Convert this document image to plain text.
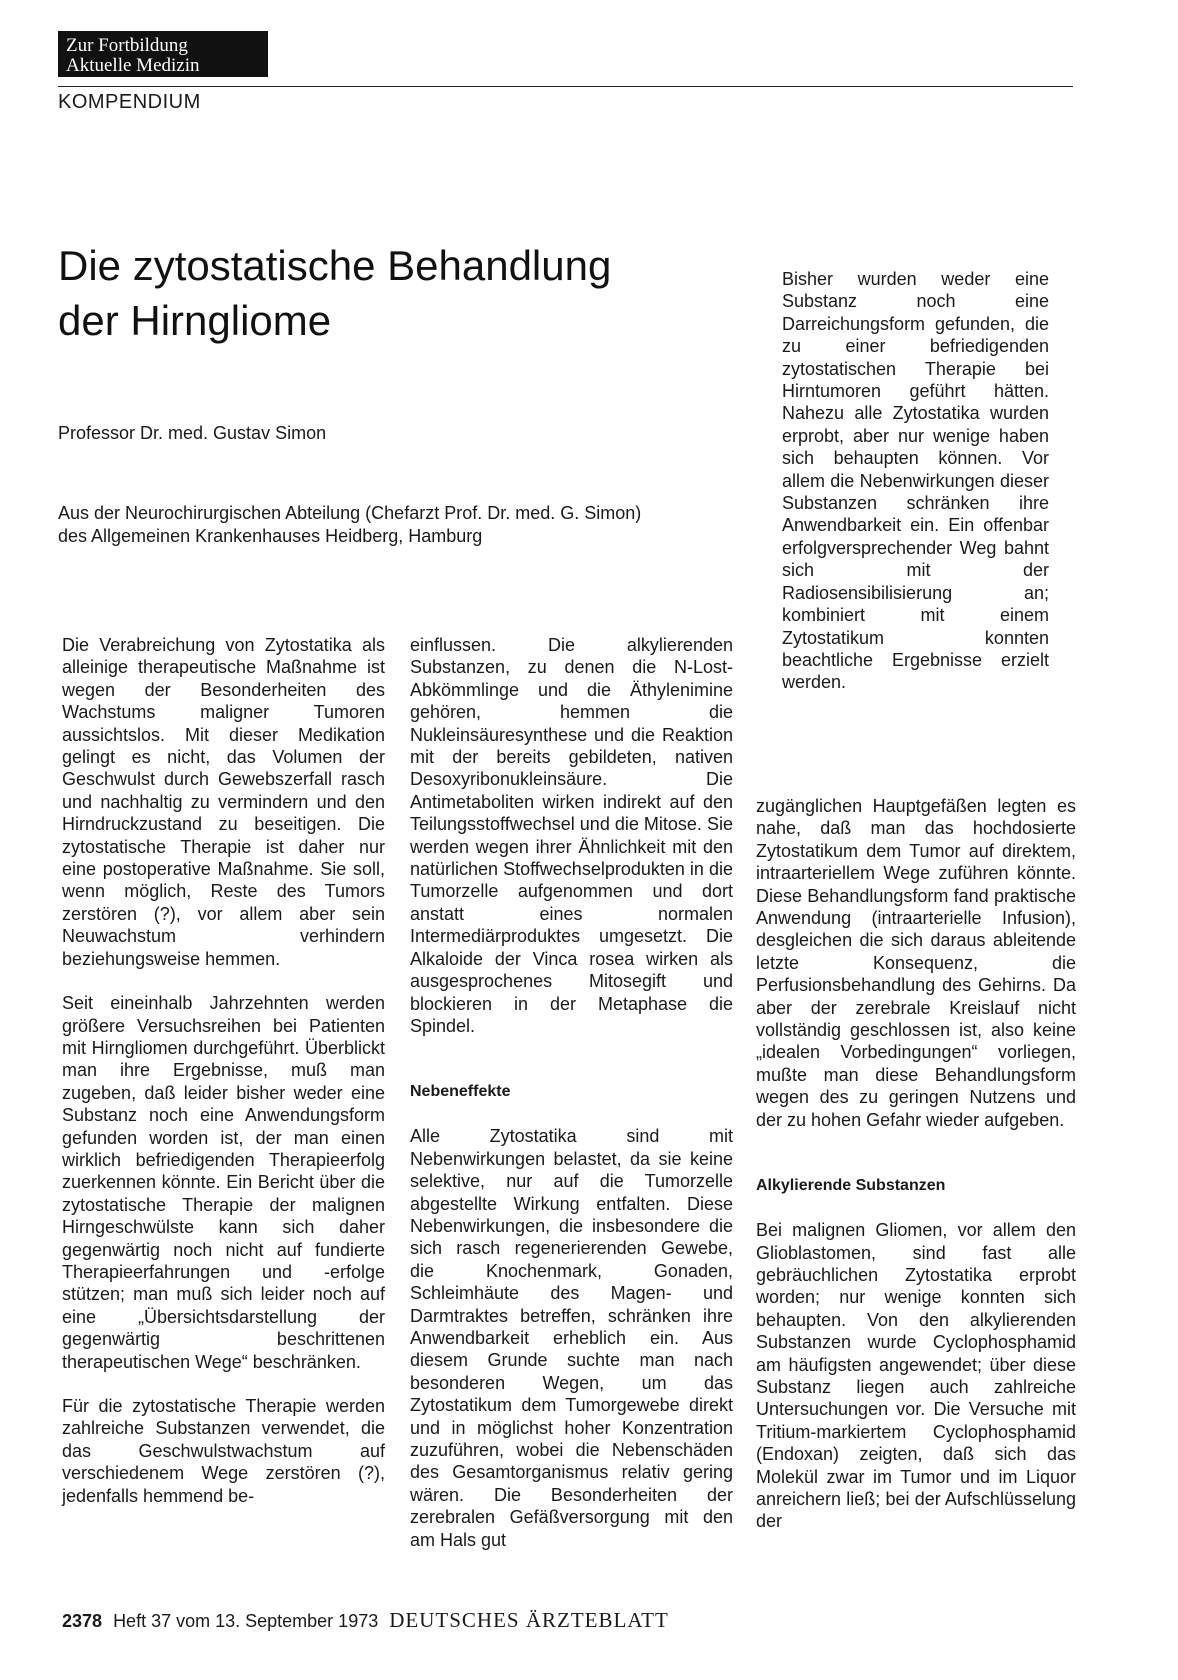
Zur Fortbildung
Aktuelle Medizin
KOMPENDIUM
Die zytostatische Behandlung
der Hirngliome
Professor Dr. med. Gustav Simon
Aus der Neurochirurgischen Abteilung (Chefarzt Prof. Dr. med. G. Simon)
des Allgemeinen Krankenhauses Heidberg, Hamburg

Bisher wurden weder eine Substanz noch eine Darreichungsform gefunden, die zu einer befriedigenden zytostatischen Therapie bei Hirntumoren geführt hätten. Nahezu alle Zytostatika wurden erprobt, aber nur wenige haben sich behaupten können. Vor allem die Nebenwirkungen dieser Substanzen schränken ihre Anwendbarkeit ein. Ein offenbar erfolgversprechender Weg bahnt sich mit der Radiosensibilisierung an; kombiniert mit einem Zytostatikum konnten beachtliche Ergebnisse erzielt werden.

Die Verabreichung von Zytostatika als alleinige therapeutische Maßnahme ist wegen der Besonderheiten des Wachstums maligner Tumoren aussichtslos. Mit dieser Medikation gelingt es nicht, das Volumen der Geschwulst durch Gewebszerfall rasch und nachhaltig zu vermindern und den Hirndruckzustand zu beseitigen. Die zytostatische Therapie ist daher nur eine postoperative Maßnahme. Sie soll, wenn möglich, Reste des Tumors zerstören (?), vor allem aber sein Neuwachstum verhindern beziehungsweise hemmen.

Seit eineinhalb Jahrzehnten werden größere Versuchsreihen bei Patienten mit Hirngliomen durchgeführt. Überblickt man ihre Ergebnisse, muß man zugeben, daß leider bisher weder eine Substanz noch eine Anwendungsform gefunden worden ist, der man einen wirklich befriedigenden Therapieerfolg zuerkennen könnte. Ein Bericht über die zytostatische Therapie der malignen Hirngeschwülste kann sich daher gegenwärtig noch nicht auf fundierte Therapieerfahrungen und -erfolge stützen; man muß sich leider noch auf eine „Übersichtsdarstellung der gegenwärtig beschrittenen therapeutischen Wege“ beschränken.

Für die zytostatische Therapie werden zahlreiche Substanzen verwendet, die das Geschwulstwachstum auf verschiedenem Wege zerstören (?), jedenfalls hemmend be-

einflussen. Die alkylierenden Substanzen, zu denen die N-Lost-Abkömmlinge und die Äthylenimine gehören, hemmen die Nukleinsäuresynthese und die Reaktion mit der bereits gebildeten, nativen Desoxyribonukleinsäure. Die Antimetaboliten wirken indirekt auf den Teilungsstoffwechsel und die Mitose. Sie werden wegen ihrer Ähnlichkeit mit den natürlichen Stoffwechselprodukten in die Tumorzelle aufgenommen und dort anstatt eines normalen Intermediärproduktes umgesetzt. Die Alkaloide der Vinca rosea wirken als ausgesprochenes Mitosegift und blockieren in der Metaphase die Spindel.

Nebeneffekte

Alle Zytostatika sind mit Nebenwirkungen belastet, da sie keine selektive, nur auf die Tumorzelle abgestellte Wirkung entfalten. Diese Nebenwirkungen, die insbesondere die sich rasch regenerierenden Gewebe, die Knochenmark, Gonaden, Schleimhäute des Magen- und Darmtraktes betreffen, schränken ihre Anwendbarkeit erheblich ein. Aus diesem Grunde suchte man nach besonderen Wegen, um das Zytostatikum dem Tumorgewebe direkt und in möglichst hoher Konzentration zuzuführen, wobei die Nebenschäden des Gesamtorganismus relativ gering wären. Die Besonderheiten der zerebralen Gefäßversorgung mit den am Hals gut

zugänglichen Hauptgefäßen legten es nahe, daß man das hochdosierte Zytostatikum dem Tumor auf direktem, intraarteriellem Wege zuführen könnte. Diese Behandlungsform fand praktische Anwendung (intraarterielle Infusion), desgleichen die sich daraus ableitende letzte Konsequenz, die Perfusionsbehandlung des Gehirns. Da aber der zerebrale Kreislauf nicht vollständig geschlossen ist, also keine „idealen Vorbedingungen“ vorliegen, mußte man diese Behandlungsform wegen des zu geringen Nutzens und der zu hohen Gefahr wieder aufgeben.

Alkylierende Substanzen

Bei malignen Gliomen, vor allem den Glioblastomen, sind fast alle gebräuchlichen Zytostatika erprobt worden; nur wenige konnten sich behaupten. Von den alkylierenden Substanzen wurde Cyclophosphamid am häufigsten angewendet; über diese Substanz liegen auch zahlreiche Untersuchungen vor. Die Versuche mit Tritium-markiertem Cyclophosphamid (Endoxan) zeigten, daß sich das Molekül zwar im Tumor und im Liquor anreichern ließ; bei der Aufschlüsselung der

2378 Heft 37 vom 13. September 1973 DEUTSCHES ÄRZTEBLATT
